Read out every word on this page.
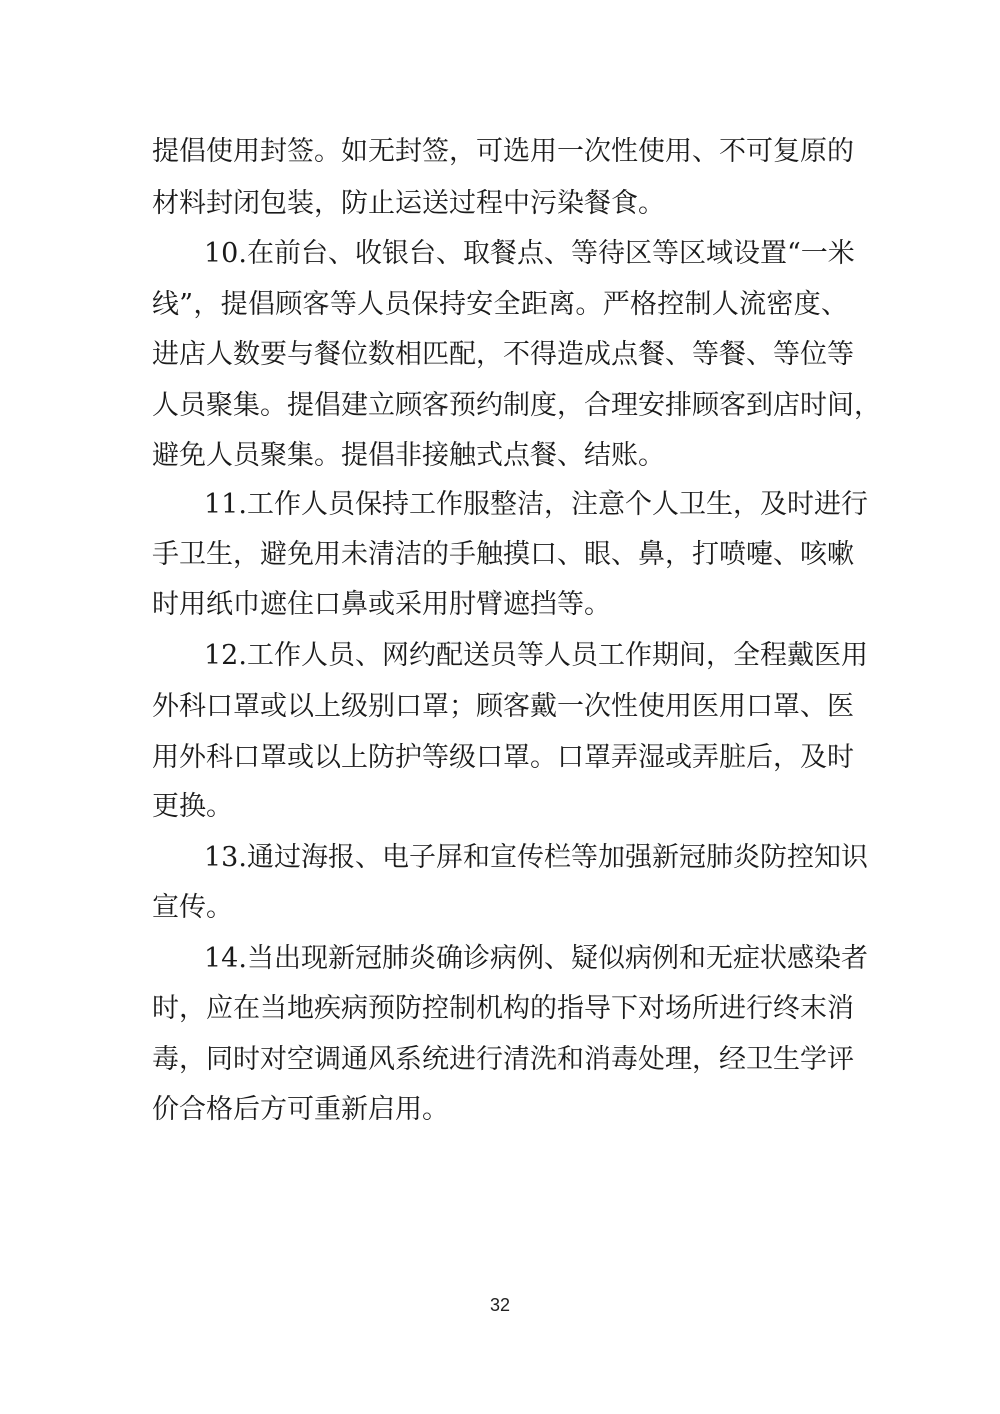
提倡使用封签。如无封签，可选用一次性使用、不可复原的
材料封闭包装，防止运送过程中污染餐食。
10.在前台、收银台、取餐点、等待区等区域设置“一米
线”，提倡顾客等人员保持安全距离。严格控制人流密度、
进店人数要与餐位数相匹配，不得造成点餐、等餐、等位等
人员聚集。提倡建立顾客预约制度，合理安排顾客到店时间，
避免人员聚集。提倡非接触式点餐、结账。
11.工作人员保持工作服整洁，注意个人卫生，及时进行
手卫生，避免用未清洁的手触摸口、眼、鼻，打喷嚏、咳嗽
时用纸巾遮住口鼻或采用肘臂遮挡等。
12.工作人员、网约配送员等人员工作期间，全程戴医用
外科口罩或以上级别口罩；顾客戴一次性使用医用口罩、医
用外科口罩或以上防护等级口罩。口罩弄湿或弄脏后，及时
更换。
13.通过海报、电子屏和宣传栏等加强新冠肺炎防控知识
宣传。
14.当出现新冠肺炎确诊病例、疑似病例和无症状感染者
时，应在当地疾病预防控制机构的指导下对场所进行终末消
毒，同时对空调通风系统进行清洗和消毒处理，经卫生学评
价合格后方可重新启用。
32
